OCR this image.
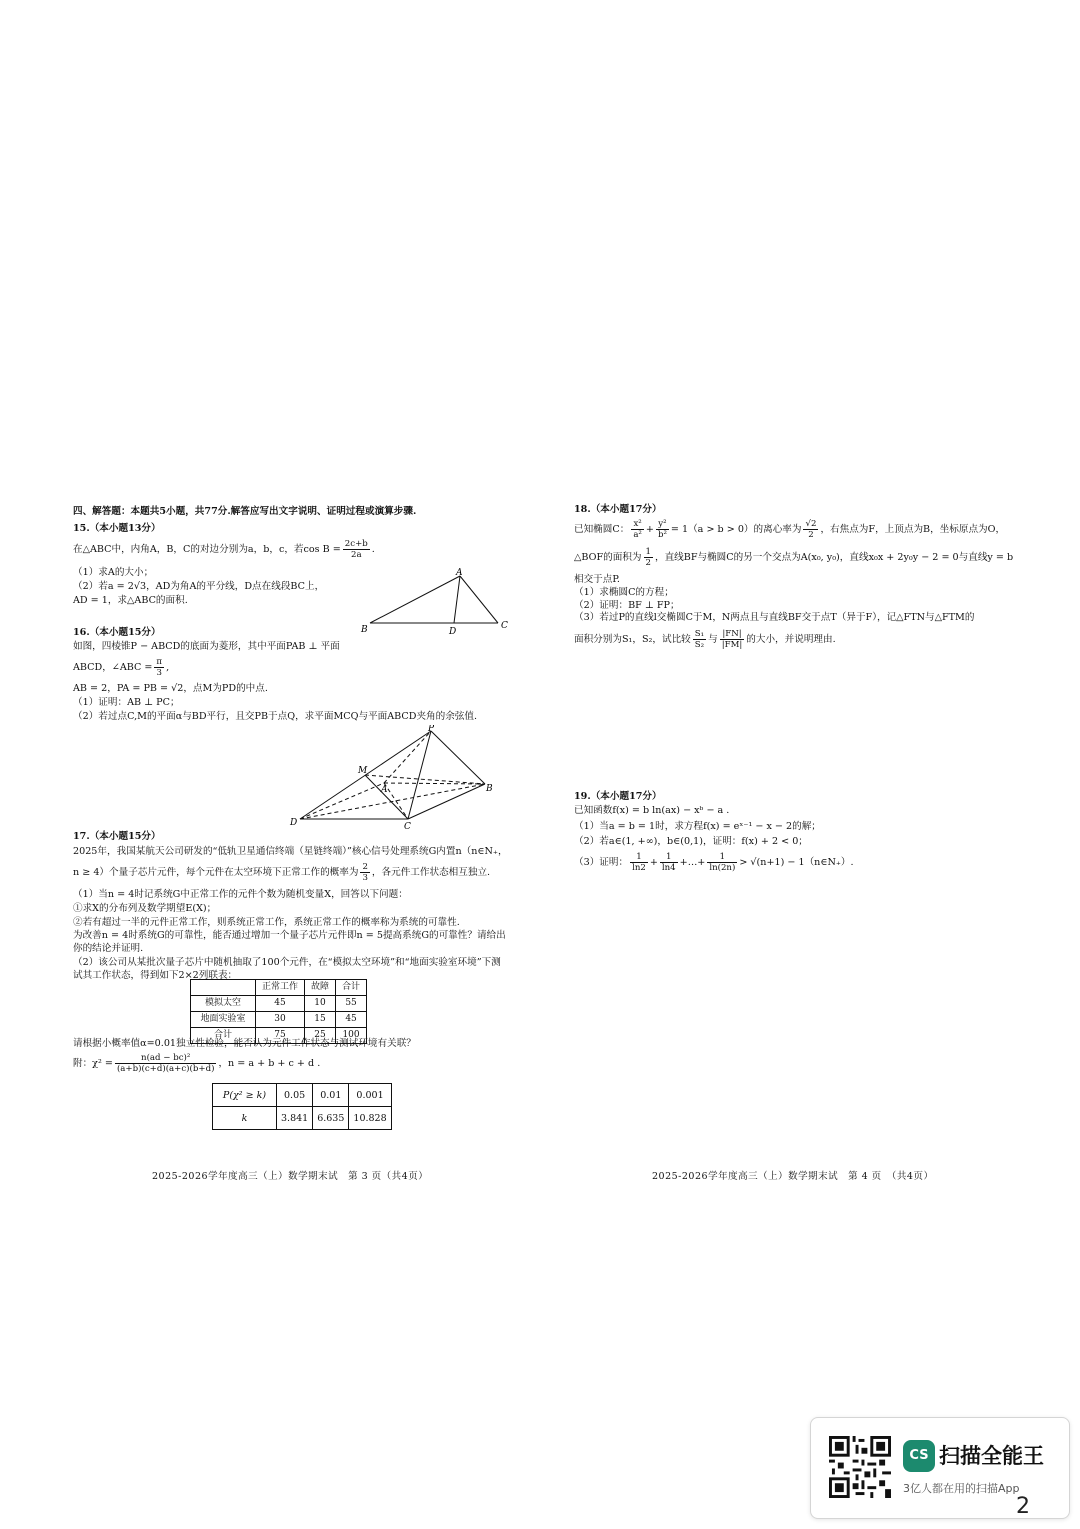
四、解答题：本题共5小题，共77分.解答应写出文字说明、证明过程或演算步骤.

15.（本小题13分）

在△ABC中，内角A，B，C的对边分别为a，b，c，若$\cos B = \frac{2c+b}{2a}$ .

（1）求A的大小；

（2）若a = 2√3，AD为角A的平分线，D点在线段BC上，

AD = 1，求△ABC的面积.

A
B	C
D

16.（本小题15分）

如图，四棱锥P − ABCD的底面为菱形，其中平面PAB ⊥ 平面

ABCD，∠ABC = $\frac{\pi}{3}$ ,

AB = 2，PA = PB = √2，点M为PD的中点.

（1）证明：AB ⊥ PC；

（2）若过点C,M的平面α与BD平行，且交PB于点Q，求平面MCQ与平面ABCD夹角的余弦值.

P
M
A	B
C
D

17.（本小题15分）

2025年，我国某航天公司研发的“低轨卫星通信终端（星链终端）”核心信号处理系统G内置n（n∈N₊，

n ≥ 4）个量子芯片元件，每个元件在太空环境下正常工作的概率为 $\frac{2}{3}$ ，各元件工作状态相互独立.

（1）当n = 4时记系统G中正常工作的元件个数为随机变量X，回答以下问题：

①求X的分布列及数学期望E(X)；

②若有超过一半的元件正常工作，则系统正常工作，系统正常工作的概率称为系统的可靠性.

为改善n = 4时系统G的可靠性，能否通过增加一个量子芯片元件即n = 5提高系统G的可靠性？请给出

你的结论并证明.

（2）该公司从某批次量子芯片中随机抽取了100个元件，在“模拟太空环境”和“地面实验室环境”下测

试其工作状态，得到如下2×2列联表：

	正常工作	故障	合计
模拟太空	45	10	55
地面实验室	30	15	45
合计	75	25	100

请根据小概率值α=0.01独立性检验，能否认为元件工作状态与测试环境有关联？

附：$\chi^2 = \frac{\text{n(ad − bc)²}}{(a+b)(c+d)(a+c)(b+d)}$ ，n = a + b + c + d .

P(χ² ≥ k)	0.05	0.01	0.001
k	3.841	6.635	10.828

2025-2026学年度高三（上）数学期末试　第 3 页（共4页）

18.（本小题17分）

已知椭圆C： $\frac{\text{x²}}{\text{a²}} + \frac{\text{y²}}{\text{b²}} = 1(a > b > 0)$的离心率为 $\frac{√2}{2}$ ，右焦点为F，上顶点为B，坐标原点为O，

△BOF的面积为 $\frac{1}{2}$ ，直线BF与椭圆C的另一个交点为A(x₀, y₀)，直线x₀x + 2y₀y − 2 = 0与直线y = b

相交于点P.

（1）求椭圆C的方程；

（2）证明：BF ⊥ FP；

（3）若过P的直线l交椭圆C于M，N两点且与直线BF交于点T（异于F），记△FTN与△FTM的

面积分别为S₁，S₂，试比较 $\frac{\text{S₁}}{\text{S₂}}$ 与 $\frac{|FN|}{|FM|}$ 的大小，并说明理由.

19.（本小题17分）

已知函数f(x) = b ln(ax) − xᵇ − a .

（1）当a = b = 1时，求方程f(x) = eˣ⁻¹ − x − 2的解；

（2）若a∈(1, +∞)，b∈(0,1)，证明：f(x) + 2 < 0；

（3）证明： $\frac{1}{\ln 2} + \frac{1}{\ln 4}$ +…+ $\frac{1}{\ln(2n)} > √(n+1)$ − 1（n∈N₊）.

2025-2026学年度高三（上）数学期末试　第 4 页　（共4页）

CS 扫描全能王
3亿人都在用的扫描App
2
